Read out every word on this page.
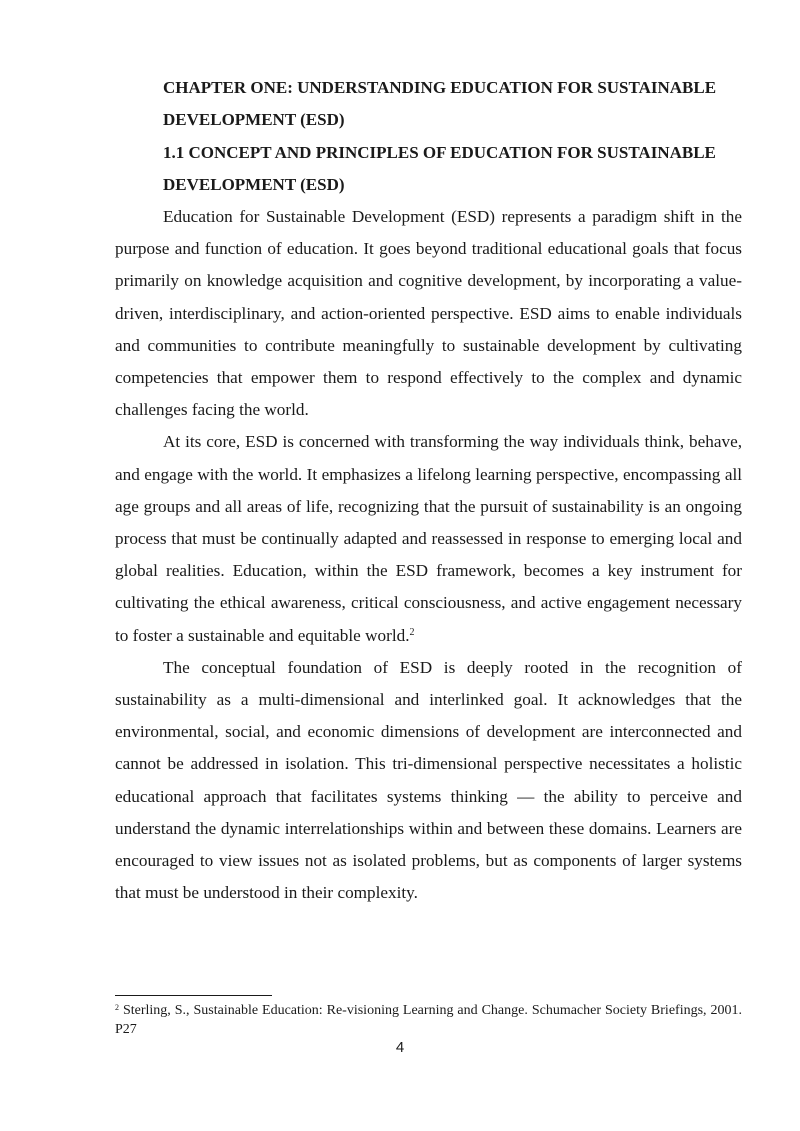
CHAPTER ONE: UNDERSTANDING EDUCATION FOR SUSTAINABLE DEVELOPMENT (ESD)
1.1 CONCEPT AND PRINCIPLES OF EDUCATION FOR SUSTAINABLE DEVELOPMENT (ESD)

Education for Sustainable Development (ESD) represents a paradigm shift in the purpose and function of education. It goes beyond traditional educational goals that focus primarily on knowledge acquisition and cognitive development, by incorporating a value-driven, interdisciplinary, and action-oriented perspective. ESD aims to enable individuals and communities to contribute meaningfully to sustainable development by cultivating competencies that empower them to respond effectively to the complex and dynamic challenges facing the world.

At its core, ESD is concerned with transforming the way individuals think, behave, and engage with the world. It emphasizes a lifelong learning perspective, encompassing all age groups and all areas of life, recognizing that the pursuit of sustainability is an ongoing process that must be continually adapted and reassessed in response to emerging local and global realities. Education, within the ESD framework, becomes a key instrument for cultivating the ethical awareness, critical consciousness, and active engagement necessary to foster a sustainable and equitable world.$^2$

The conceptual foundation of ESD is deeply rooted in the recognition of sustainability as a multi-dimensional and interlinked goal. It acknowledges that the environmental, social, and economic dimensions of development are interconnected and cannot be addressed in isolation. This tri-dimensional perspective necessitates a holistic educational approach that facilitates systems thinking — the ability to perceive and understand the dynamic interrelationships within and between these domains. Learners are encouraged to view issues not as isolated problems, but as components of larger systems that must be understood in their complexity.

$^2$ Sterling, S., Sustainable Education: Re-visioning Learning and Change. Schumacher Society Briefings, 2001. P27
4
